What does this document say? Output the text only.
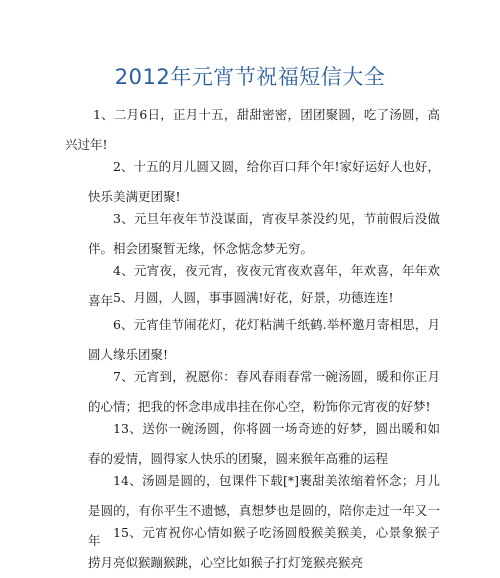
2012年元宵节祝福短信大全

1、二月6日，正月十五，甜甜密密，团团聚圆，吃了汤圆，高兴过年!

2、十五的月儿圆又圆，给你百口拜个年!家好运好人也好，快乐美满更团聚!

3、元旦年夜年节没谋面，宵夜早茶没约见，节前假后没做伴。相会团聚暂无缘，怀念惦念梦无穷。

4、元宵夜，夜元宵，夜夜元宵夜欢喜年，年欢喜，年年欢喜年 5、月圆，人圆，事事圆满!好花，好景，功德连连!

6、元宵佳节闹花灯，花灯粘满千纸鹤.举杯邀月寄相思，月圆人缘乐团聚!

7、元宵到，祝愿你：春风春雨春常一碗汤圆，暖和你正月的心情；把我的怀念串成串挂在你心空，粉饰你元宵夜的好梦!

13、送你一碗汤圆，你将圆一场奇迹的好梦，圆出暖和如春的爱情，圆得家人快乐的团聚，圆来猴年高雅的运程

14、汤圆是圆的，包课件下载[*]裹甜美浓缩着怀念；月儿是圆的，有你平生不遗憾，真想梦也是圆的，陪你走过一年又一年

15、元宵祝你心情如猴子吃汤圆般猴美猴美，心景象猴子捞月亮似猴蹦猴跳，心空比如猴子打灯笼猴亮猴亮
